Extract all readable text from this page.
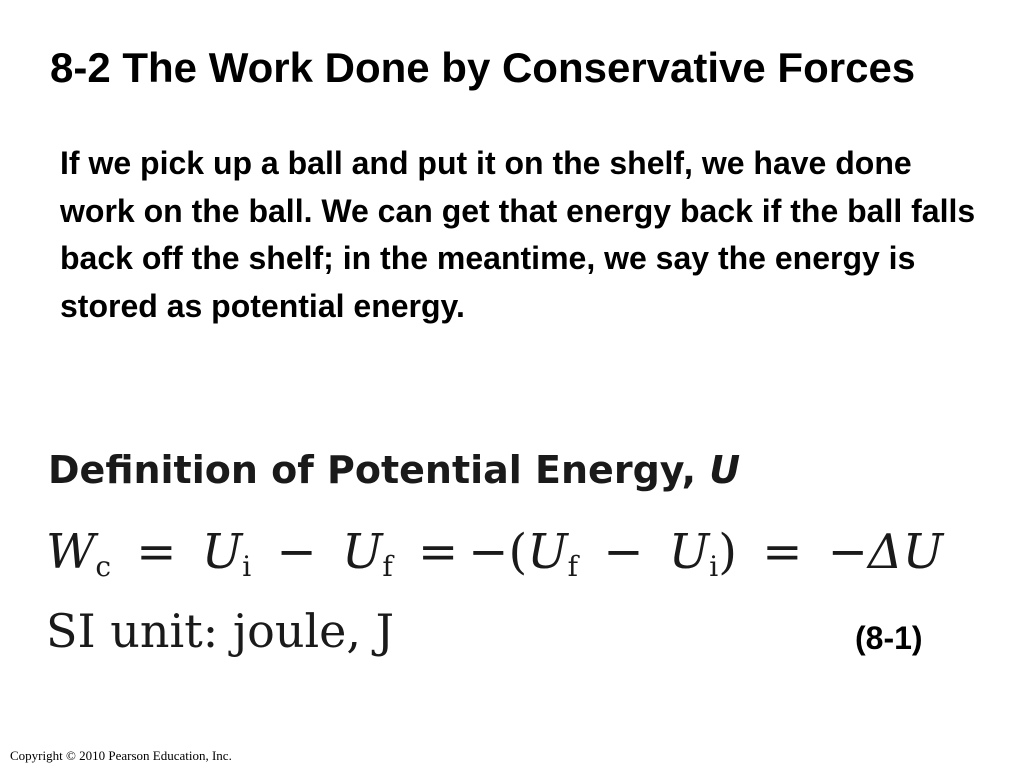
8-2 The Work Done by Conservative Forces
If we pick up a ball and put it on the shelf, we have done work on the ball. We can get that energy back if the ball falls back off the shelf; in the meantime, we say the energy is stored as potential energy.
Definition of Potential Energy, U
$W_c = U_i - U_f = -(U_f - U_i) = -\Delta U$
SI unit: joule, J	(8-1)
Copyright © 2010 Pearson Education, Inc.
